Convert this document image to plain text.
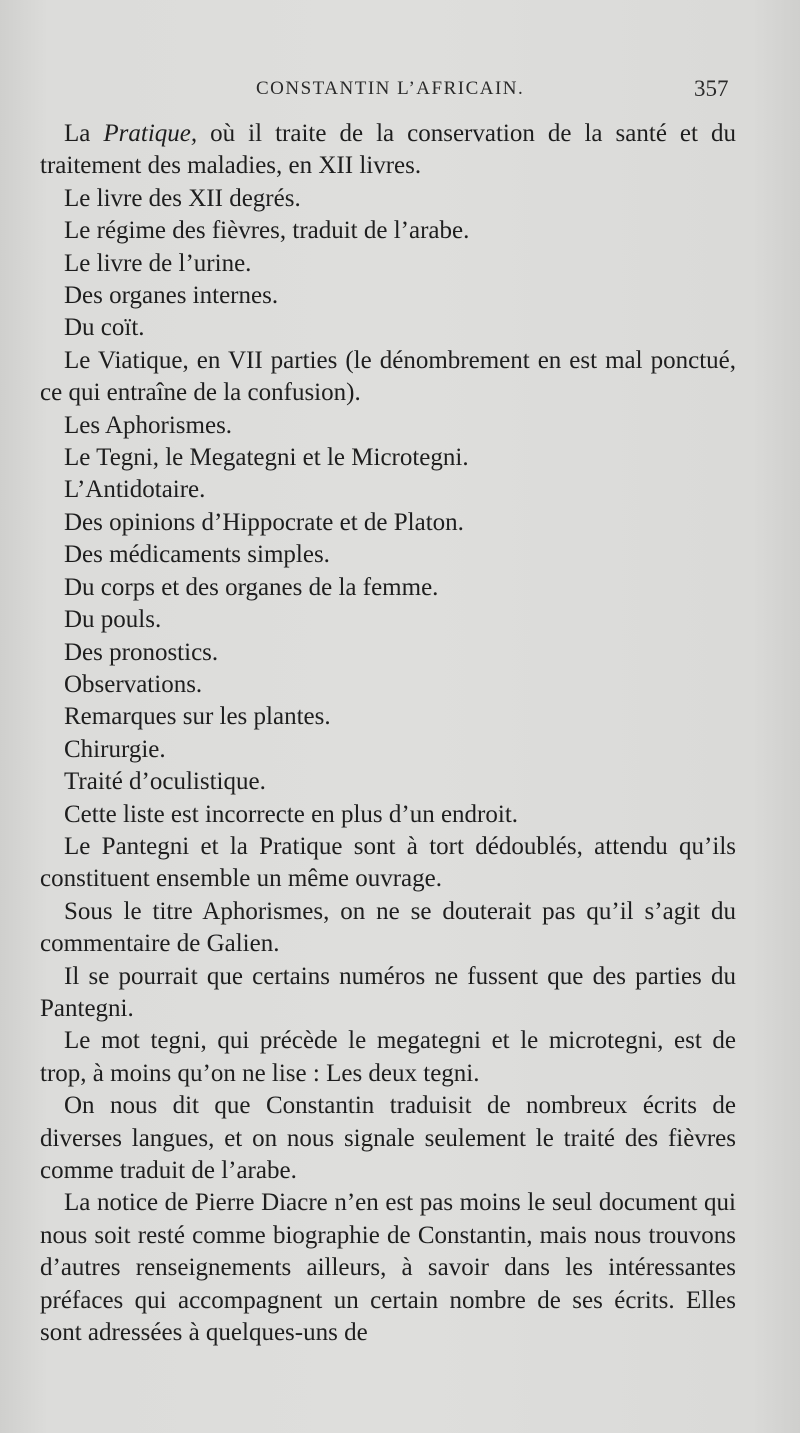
CONSTANTIN L’AFRICAIN.	357

La Pratique, où il traite de la conservation de la santé et du traitement des maladies, en XII livres.

Le livre des XII degrés.

Le régime des fièvres, traduit de l’arabe.

Le livre de l’urine.

Des organes internes.

Du coït.

Le Viatique, en VII parties (le dénombrement en est mal ponctué, ce qui entraîne de la confusion).

Les Aphorismes.

Le Tegni, le Megategni et le Microtegni.

L’Antidotaire.

Des opinions d’Hippocrate et de Platon.

Des médicaments simples.

Du corps et des organes de la femme.

Du pouls.

Des pronostics.

Observations.

Remarques sur les plantes.

Chirurgie.

Traité d’oculistique.

Cette liste est incorrecte en plus d’un endroit.

Le Pantegni et la Pratique sont à tort dédoublés, attendu qu’ils constituent ensemble un même ouvrage.

Sous le titre Aphorismes, on ne se douterait pas qu’il s’agit du commentaire de Galien.

Il se pourrait que certains numéros ne fussent que des parties du Pantegni.

Le mot tegni, qui précède le megategni et le microtegni, est de trop, à moins qu’on ne lise : Les deux tegni.

On nous dit que Constantin traduisit de nombreux écrits de diverses langues, et on nous signale seulement le traité des fièvres comme traduit de l’arabe.

La notice de Pierre Diacre n’en est pas moins le seul document qui nous soit resté comme biographie de Constantin, mais nous trouvons d’autres renseignements ailleurs, à savoir dans les intéressantes préfaces qui accompagnent un certain nombre de ses écrits. Elles sont adressées à quelques-uns de
